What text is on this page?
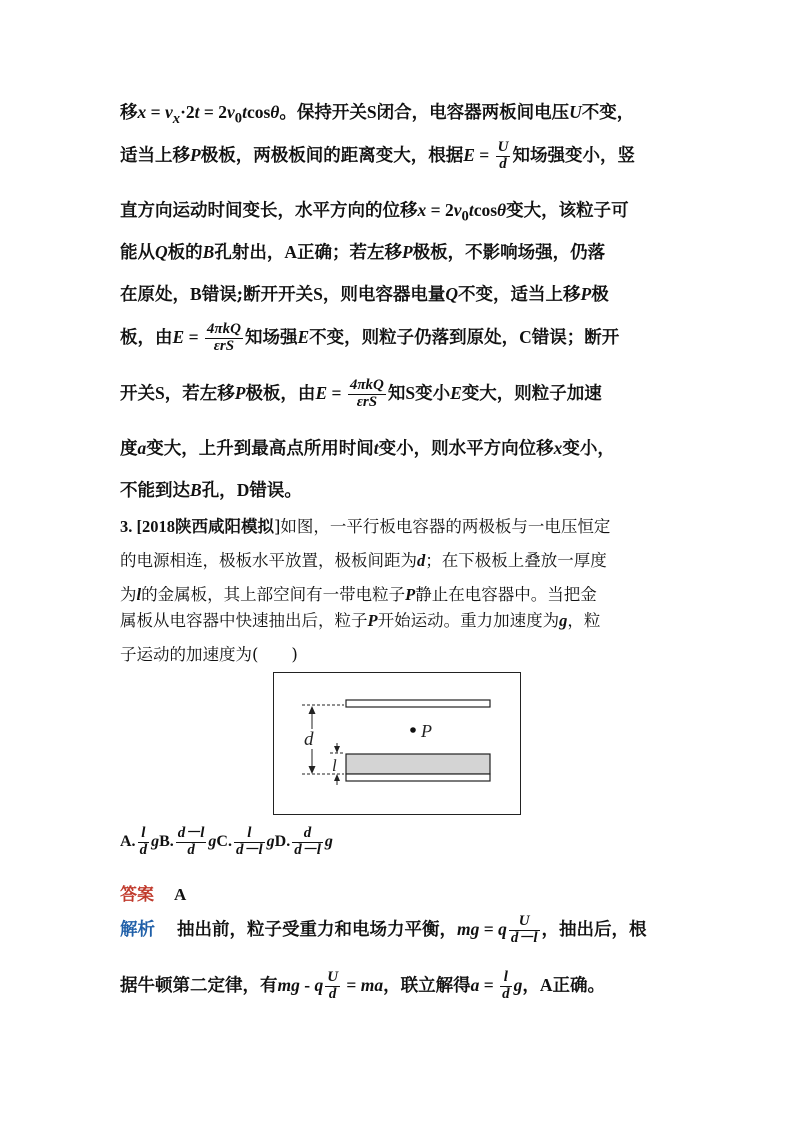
移$x = v_x\cdot 2t = 2v_0tcos\theta$。保持开关S闭合，电容器两板间电压U不变，
适当上移P极板，两极板间的距离变大，根据$E = \frac{U}{d}$ 知场强变小，竖
直方向运动时间变长，水平方向的位移$x = 2v_0tcos\theta$变大，该粒子可
能从Q板的B孔射出，A正确；若左移P极板，不影响场强，仍落
在原处，B错误;断开开关S，则电容器电量Q不变，适当上移P极
板，由$E = \frac{\text{4πkQ}}{\text{εrS}}$ 知场强E不变，则粒子仍落到原处，C错误；断开
开关S，若左移P极板，由$E = \frac{\text{4πkQ}}{\text{εrS}}$ 知S变小E变大，则粒子加速
度a变大，上升到最高点所用时间t变小，则水平方向位移x变小，
不能到达B孔，D错误。
3. [2018陕西咸阳模拟]如图，一平行板电容器的两极板与一电压恒定
的电源相连，极板水平放置，极板间距为d；在下极板上叠放一厚度
为l的金属板，其上部空间有一带电粒子P静止在电容器中。当把金
属板从电容器中快速抽出后，粒子P开始运动。重力加速度为g，粒
子运动的加速度为(　　)
d
l
P
A. $\frac{l}{d}$ gB. $\frac{d-l}{d}$ gC. $\frac{l}{d-l}$ gD. $\frac{d}{d-l}$ g
答案 A
解析 抽出前，粒子受重力和电场力平衡，mg = q $\frac{U}{d-l}$ ，抽出后，根
据牛顿第二定律，有mg - q $\frac{U}{d}$ = ma，联立解得$a = \frac{l}{d}$ g，A正确。
